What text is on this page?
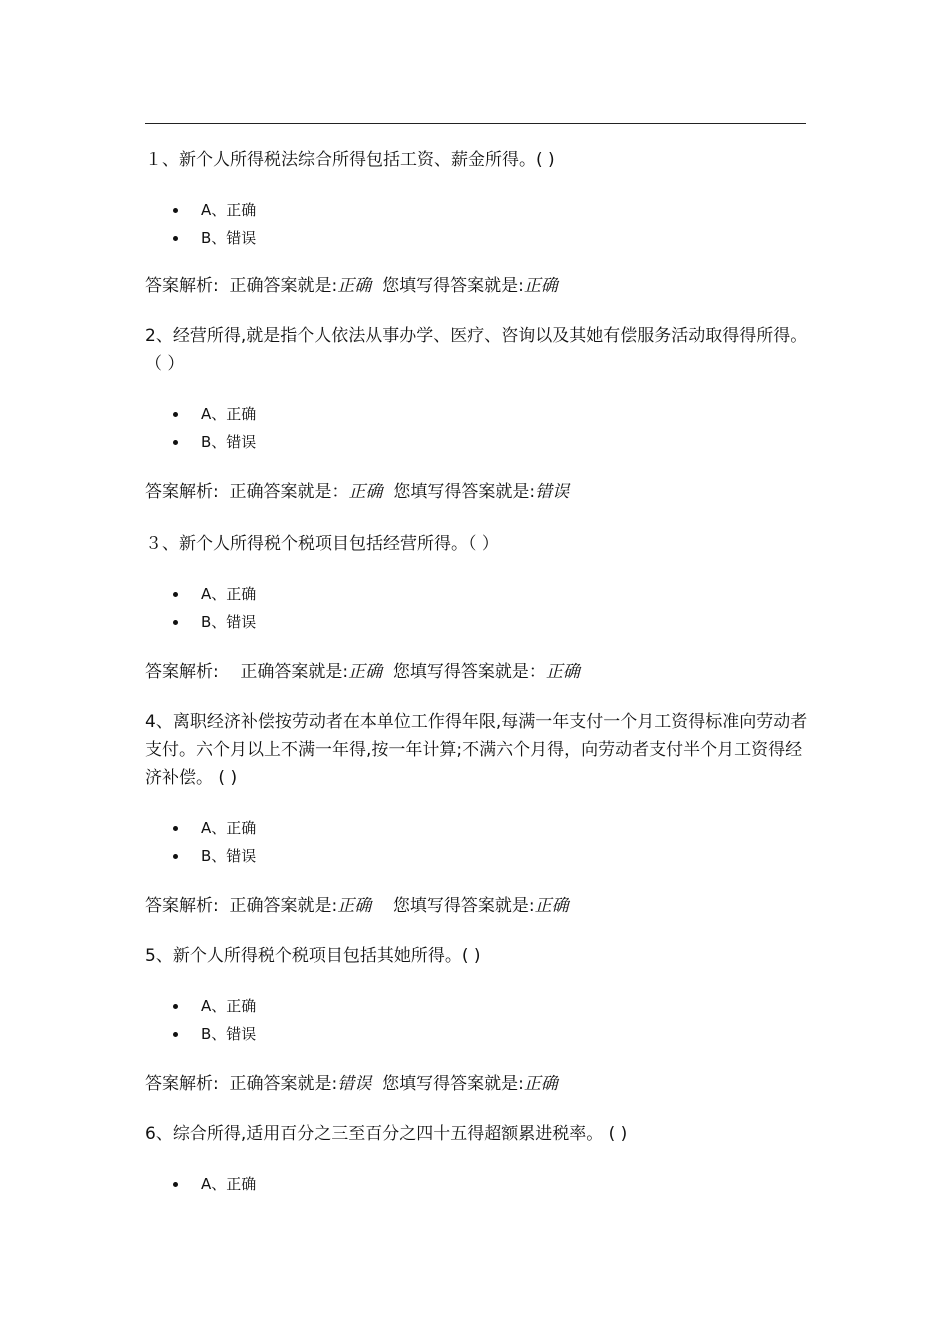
１、新个人所得税法综合所得包括工资、薪金所得。( )

A、正确
B、错误
答案解析:  正确答案就是:正确  您填写得答案就是:正确

2、经营所得,就是指个人依法从事办学、医疗、咨询以及其她有偿服务活动取得得所得。（ ）

A、正确
B、错误
答案解析:  正确答案就是：正确  您填写得答案就是:错误

３、新个人所得税个税项目包括经营所得。（ ）

A、正确
B、错误
答案解析:    正确答案就是:正确  您填写得答案就是：正确

4、离职经济补偿按劳动者在本单位工作得年限,每满一年支付一个月工资得标准向劳动者支付。六个月以上不满一年得,按一年计算;不满六个月得，向劳动者支付半个月工资得经济补偿。 ( )

A、正确
B、错误
答案解析:  正确答案就是:正确    您填写得答案就是:正确

5、新个人所得税个税项目包括其她所得。( )

A、正确
B、错误
答案解析:  正确答案就是:错误  您填写得答案就是:正确

6、综合所得,适用百分之三至百分之四十五得超额累进税率。 ( )

A、正确
